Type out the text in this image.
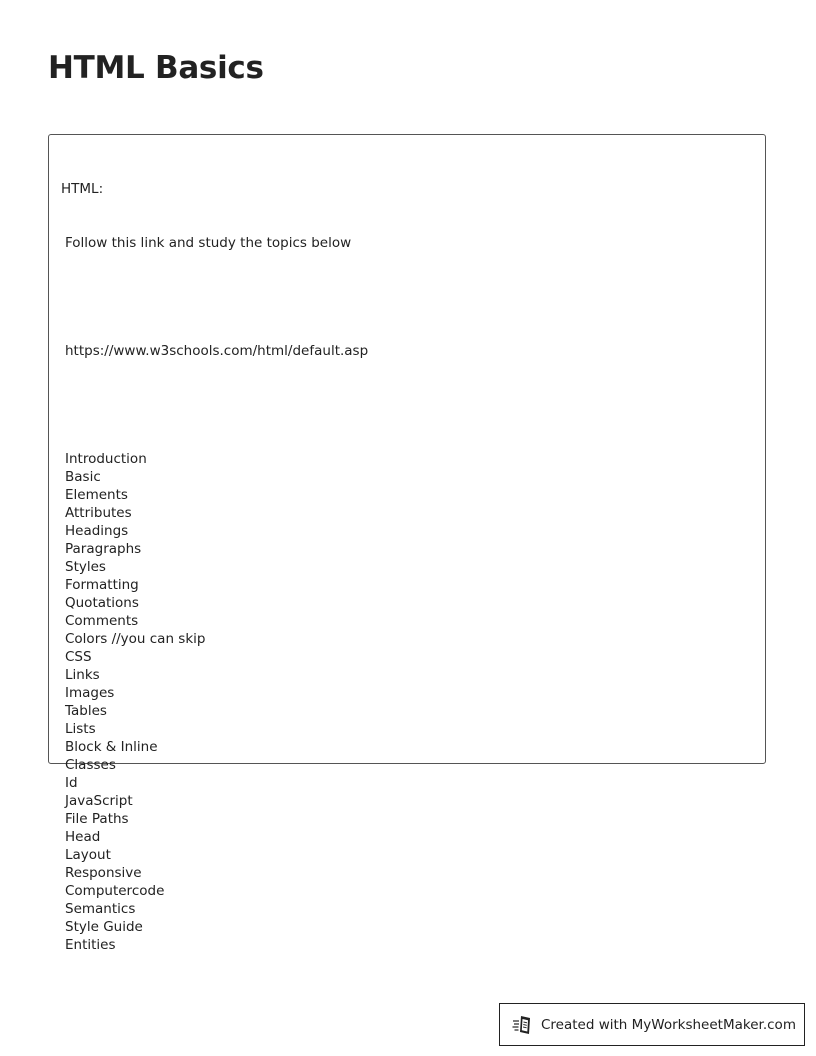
HTML Basics

HTML:

Follow this link and study the topics below

https://www.w3schools.com/html/default.asp

Introduction
Basic
Elements
Attributes
Headings
Paragraphs
Styles
Formatting
Quotations
Comments
Colors //you can skip
CSS
Links
Images
Tables
Lists
Block & Inline
Classes
Id
JavaScript
File Paths
Head
Layout
Responsive
Computercode
Semantics
Style Guide
Entities

Created with MyWorksheetMaker.com
